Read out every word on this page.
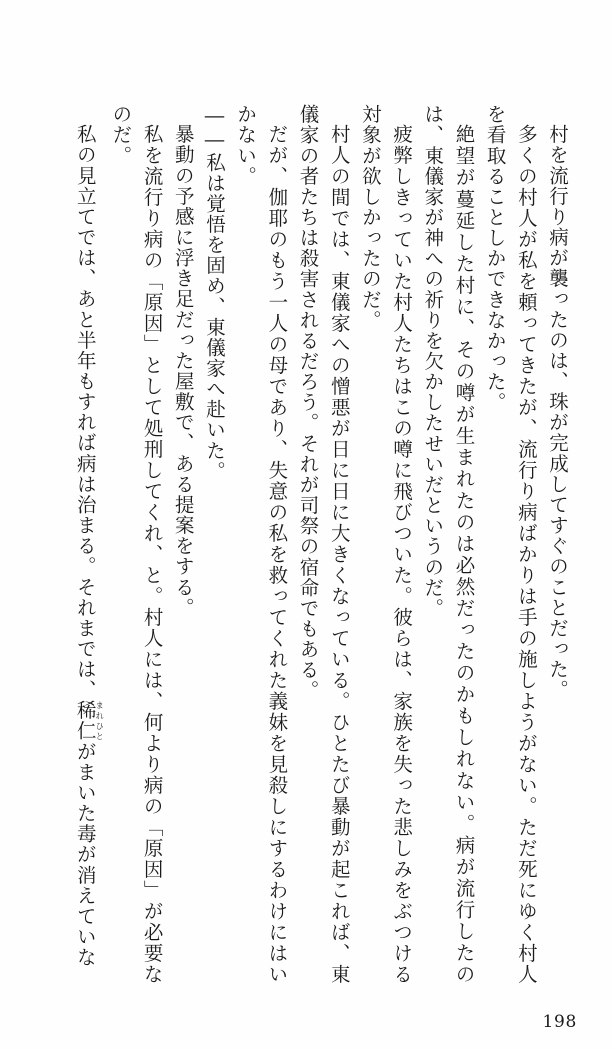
村を流行り病が襲ったのは、珠が完成してすぐのことだった。

多くの村人が私を頼ってきたが、流行り病ばかりは手の施しようがない。ただ死にゆく村人を看取ることしかできなかった。

絶望が蔓延した村に、その噂が生まれたのは必然だったのかもしれない。病が流行したのは、東儀家が神への祈りを欠かしたせいだというのだ。

疲弊しきっていた村人たちはこの噂に飛びついた。彼らは、家族を失った悲しみをぶつける対象が欲しかったのだ。

村人の間では、東儀家への憎悪が日に日に大きくなっている。ひとたび暴動が起これば、東儀家の者たちは殺害されるだろう。それが司祭の宿命でもある。

だが、伽耶のもう一人の母であり、失意の私を救ってくれた義妹を見殺しにするわけにはいかない。

――私は覚悟を固め、東儀家へ赴いた。

暴動の予感に浮き足だった屋敷で、ある提案をする。

私を流行り病の「原因」として処刑してくれ、と。村人には、何より病の「原因」が必要なのだ。

私の見立てでは、あと半年もすれば病は治まる。それまでは、稀仁まれひとがまいた毒が消えていな

198
